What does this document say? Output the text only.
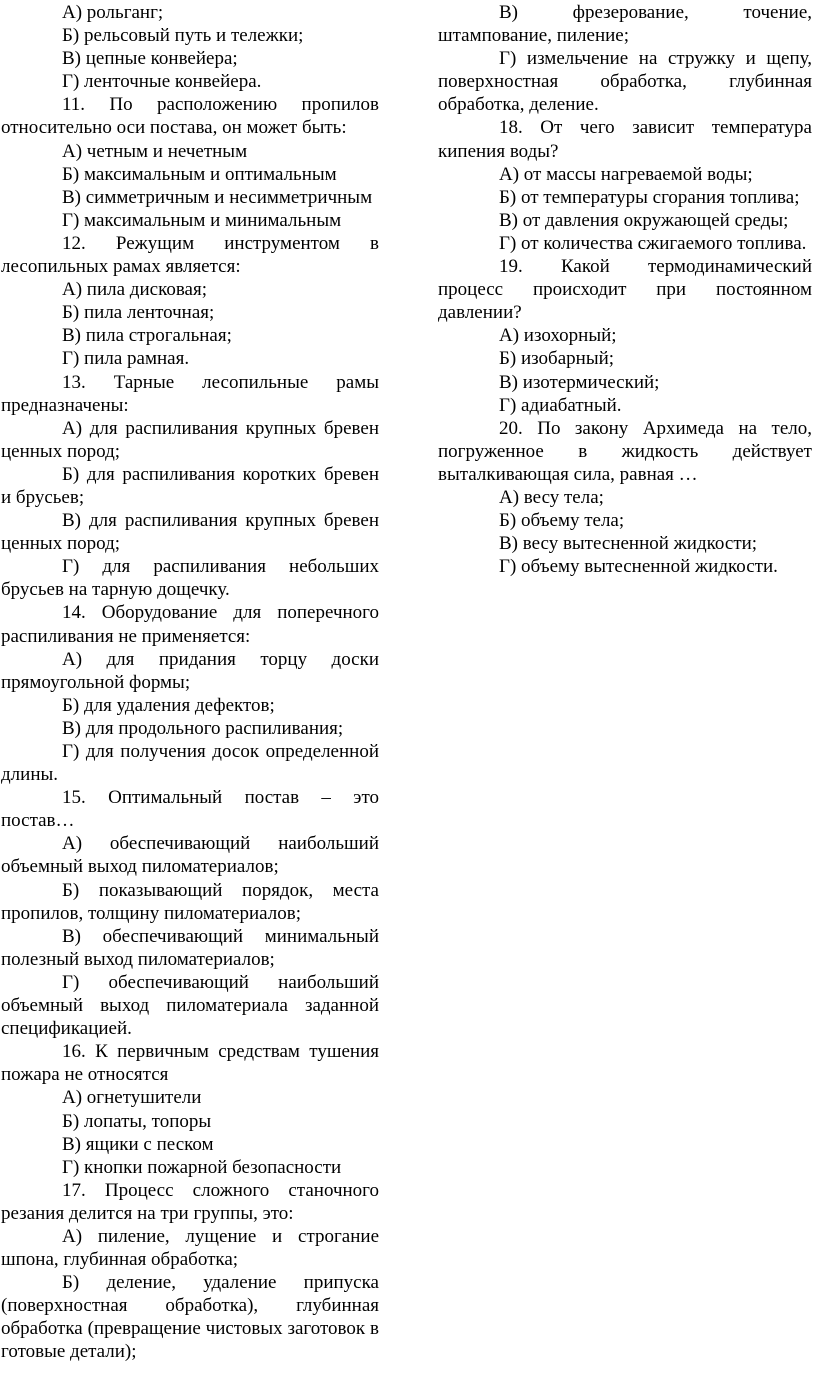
А) рольганг;

Б) рельсовый путь и тележки;

В) цепные конвейера;

Г) ленточные конвейера.

11. По расположению пропилов относительно оси постава, он может быть:

А) четным и нечетным

Б) максимальным и оптимальным

В) симметричным и несимметричным

Г) максимальным и минимальным

12. Режущим инструментом в лесопильных рамах является:

А) пила дисковая;

Б) пила ленточная;

В) пила строгальная;

Г) пила рамная.

13. Тарные лесопильные рамы предназначены:

А) для распиливания крупных бревен ценных пород;

Б) для распиливания коротких бревен и брусьев;

В) для распиливания крупных бревен ценных пород;

Г) для распиливания небольших брусьев на тарную дощечку.

14. Оборудование для поперечного распиливания не применяется:

А) для придания торцу доски прямоугольной формы;

Б) для удаления дефектов;

В) для продольного распиливания;

Г) для получения досок определенной длины.

15. Оптимальный постав – это постав…

А) обеспечивающий наибольший объемный выход пиломатериалов;

Б) показывающий порядок, места пропилов, толщину пиломатериалов;

В) обеспечивающий минимальный полезный выход пиломатериалов;

Г) обеспечивающий наибольший объемный выход пиломатериала заданной спецификацией.

16. К первичным средствам тушения пожара не относятся

А) огнетушители

Б) лопаты, топоры

В) ящики с песком

Г) кнопки пожарной безопасности

17. Процесс сложного станочного резания делится на три группы, это:

А) пиление, лущение и строгание шпона, глубинная обработка;

Б) деление, удаление припуска (поверхностная обработка), глубинная обработка (превращение чистовых заготовок в готовые детали);

В) фрезерование, точение, штампование, пиление;

Г) измельчение на стружку и щепу, поверхностная обработка, глубинная обработка, деление.

18. От чего зависит температура кипения воды?

А) от массы нагреваемой воды;

Б) от температуры сгорания топлива;

В) от давления окружающей среды;

Г) от количества сжигаемого топлива.

19. Какой термодинамический процесс происходит при постоянном давлении?

А) изохорный;

Б) изобарный;

В) изотермический;

Г) адиабатный.

20. По закону Архимеда на тело, погруженное в жидкость действует выталкивающая сила, равная …

А) весу тела;

Б) объему тела;

В) весу вытесненной жидкости;

Г) объему вытесненной жидкости.
